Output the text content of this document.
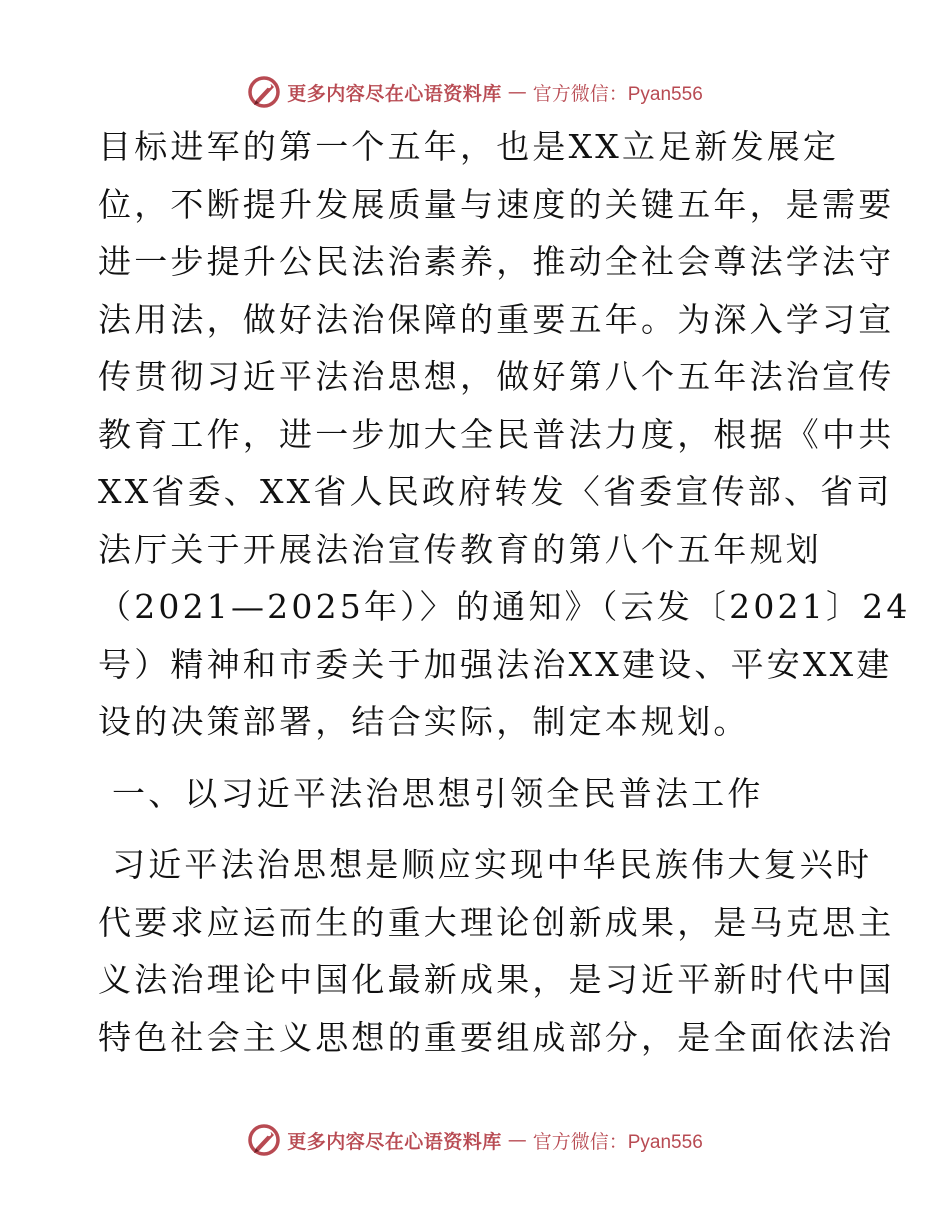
更多内容尽在心语资料库 — 官方微信：Pyan556
目标进军的第一个五年，也是XX立足新发展定
位，不断提升发展质量与速度的关键五年，是需要
进一步提升公民法治素养，推动全社会尊法学法守
法用法，做好法治保障的重要五年。为深入学习宣
传贯彻习近平法治思想，做好第八个五年法治宣传
教育工作，进一步加大全民普法力度，根据《中共
XX省委、XX省人民政府转发〈省委宣传部、省司
法厅关于开展法治宣传教育的第八个五年规划
（2021—2025年）〉的通知》（云发〔2021〕24
号）精神和市委关于加强法治XX建设、平安XX建
设的决策部署，结合实际，制定本规划。
一、以习近平法治思想引领全民普法工作
习近平法治思想是顺应实现中华民族伟大复兴时
代要求应运而生的重大理论创新成果，是马克思主
义法治理论中国化最新成果，是习近平新时代中国
特色社会主义思想的重要组成部分，是全面依法治
更多内容尽在心语资料库 — 官方微信：Pyan556
